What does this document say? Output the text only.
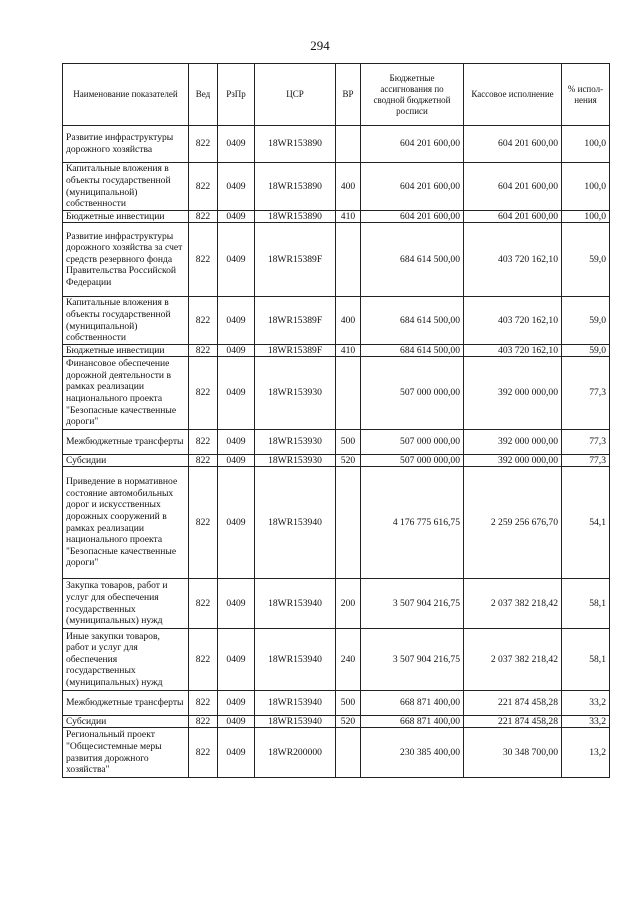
294
Наименование показателей	Вед	РзПр	ЦСР	ВР	Бюджетные ассигнования по сводной бюджетной росписи	Кассовое исполнение	% испол- нения
Развитие инфраструктуры дорожного хозяйства	822	0409	18WR153890		604 201 600,00	604 201 600,00	100,0
Капитальные вложения в объекты государственной (муниципальной) собственности	822	0409	18WR153890	400	604 201 600,00	604 201 600,00	100,0
Бюджетные инвестиции	822	0409	18WR153890	410	604 201 600,00	604 201 600,00	100,0
Развитие инфраструктуры дорожного хозяйства за счет средств резервного фонда Правительства Российской Федерации	822	0409	18WR15389F		684 614 500,00	403 720 162,10	59,0
Капитальные вложения в объекты государственной (муниципальной) собственности	822	0409	18WR15389F	400	684 614 500,00	403 720 162,10	59,0
Бюджетные инвестиции	822	0409	18WR15389F	410	684 614 500,00	403 720 162,10	59,0
Финансовое обеспечение дорожной деятельности в рамках реализации национального проекта "Безопасные качественные дороги"	822	0409	18WR153930		507 000 000,00	392 000 000,00	77,3
Межбюджетные трансферты	822	0409	18WR153930	500	507 000 000,00	392 000 000,00	77,3
Субсидии	822	0409	18WR153930	520	507 000 000,00	392 000 000,00	77,3
Приведение в нормативное состояние автомобильных дорог и искусственных дорожных сооружений в рамках реализации национального проекта "Безопасные качественные дороги"	822	0409	18WR153940		4 176 775 616,75	2 259 256 676,70	54,1
Закупка товаров, работ и услуг для обеспечения государственных (муниципальных) нужд	822	0409	18WR153940	200	3 507 904 216,75	2 037 382 218,42	58,1
Иные закупки товаров, работ и услуг для обеспечения государственных (муниципальных) нужд	822	0409	18WR153940	240	3 507 904 216,75	2 037 382 218,42	58,1
Межбюджетные трансферты	822	0409	18WR153940	500	668 871 400,00	221 874 458,28	33,2
Субсидии	822	0409	18WR153940	520	668 871 400,00	221 874 458,28	33,2
Региональный проект "Общесистемные меры развития дорожного хозяйства"	822	0409	18WR200000		230 385 400,00	30 348 700,00	13,2
